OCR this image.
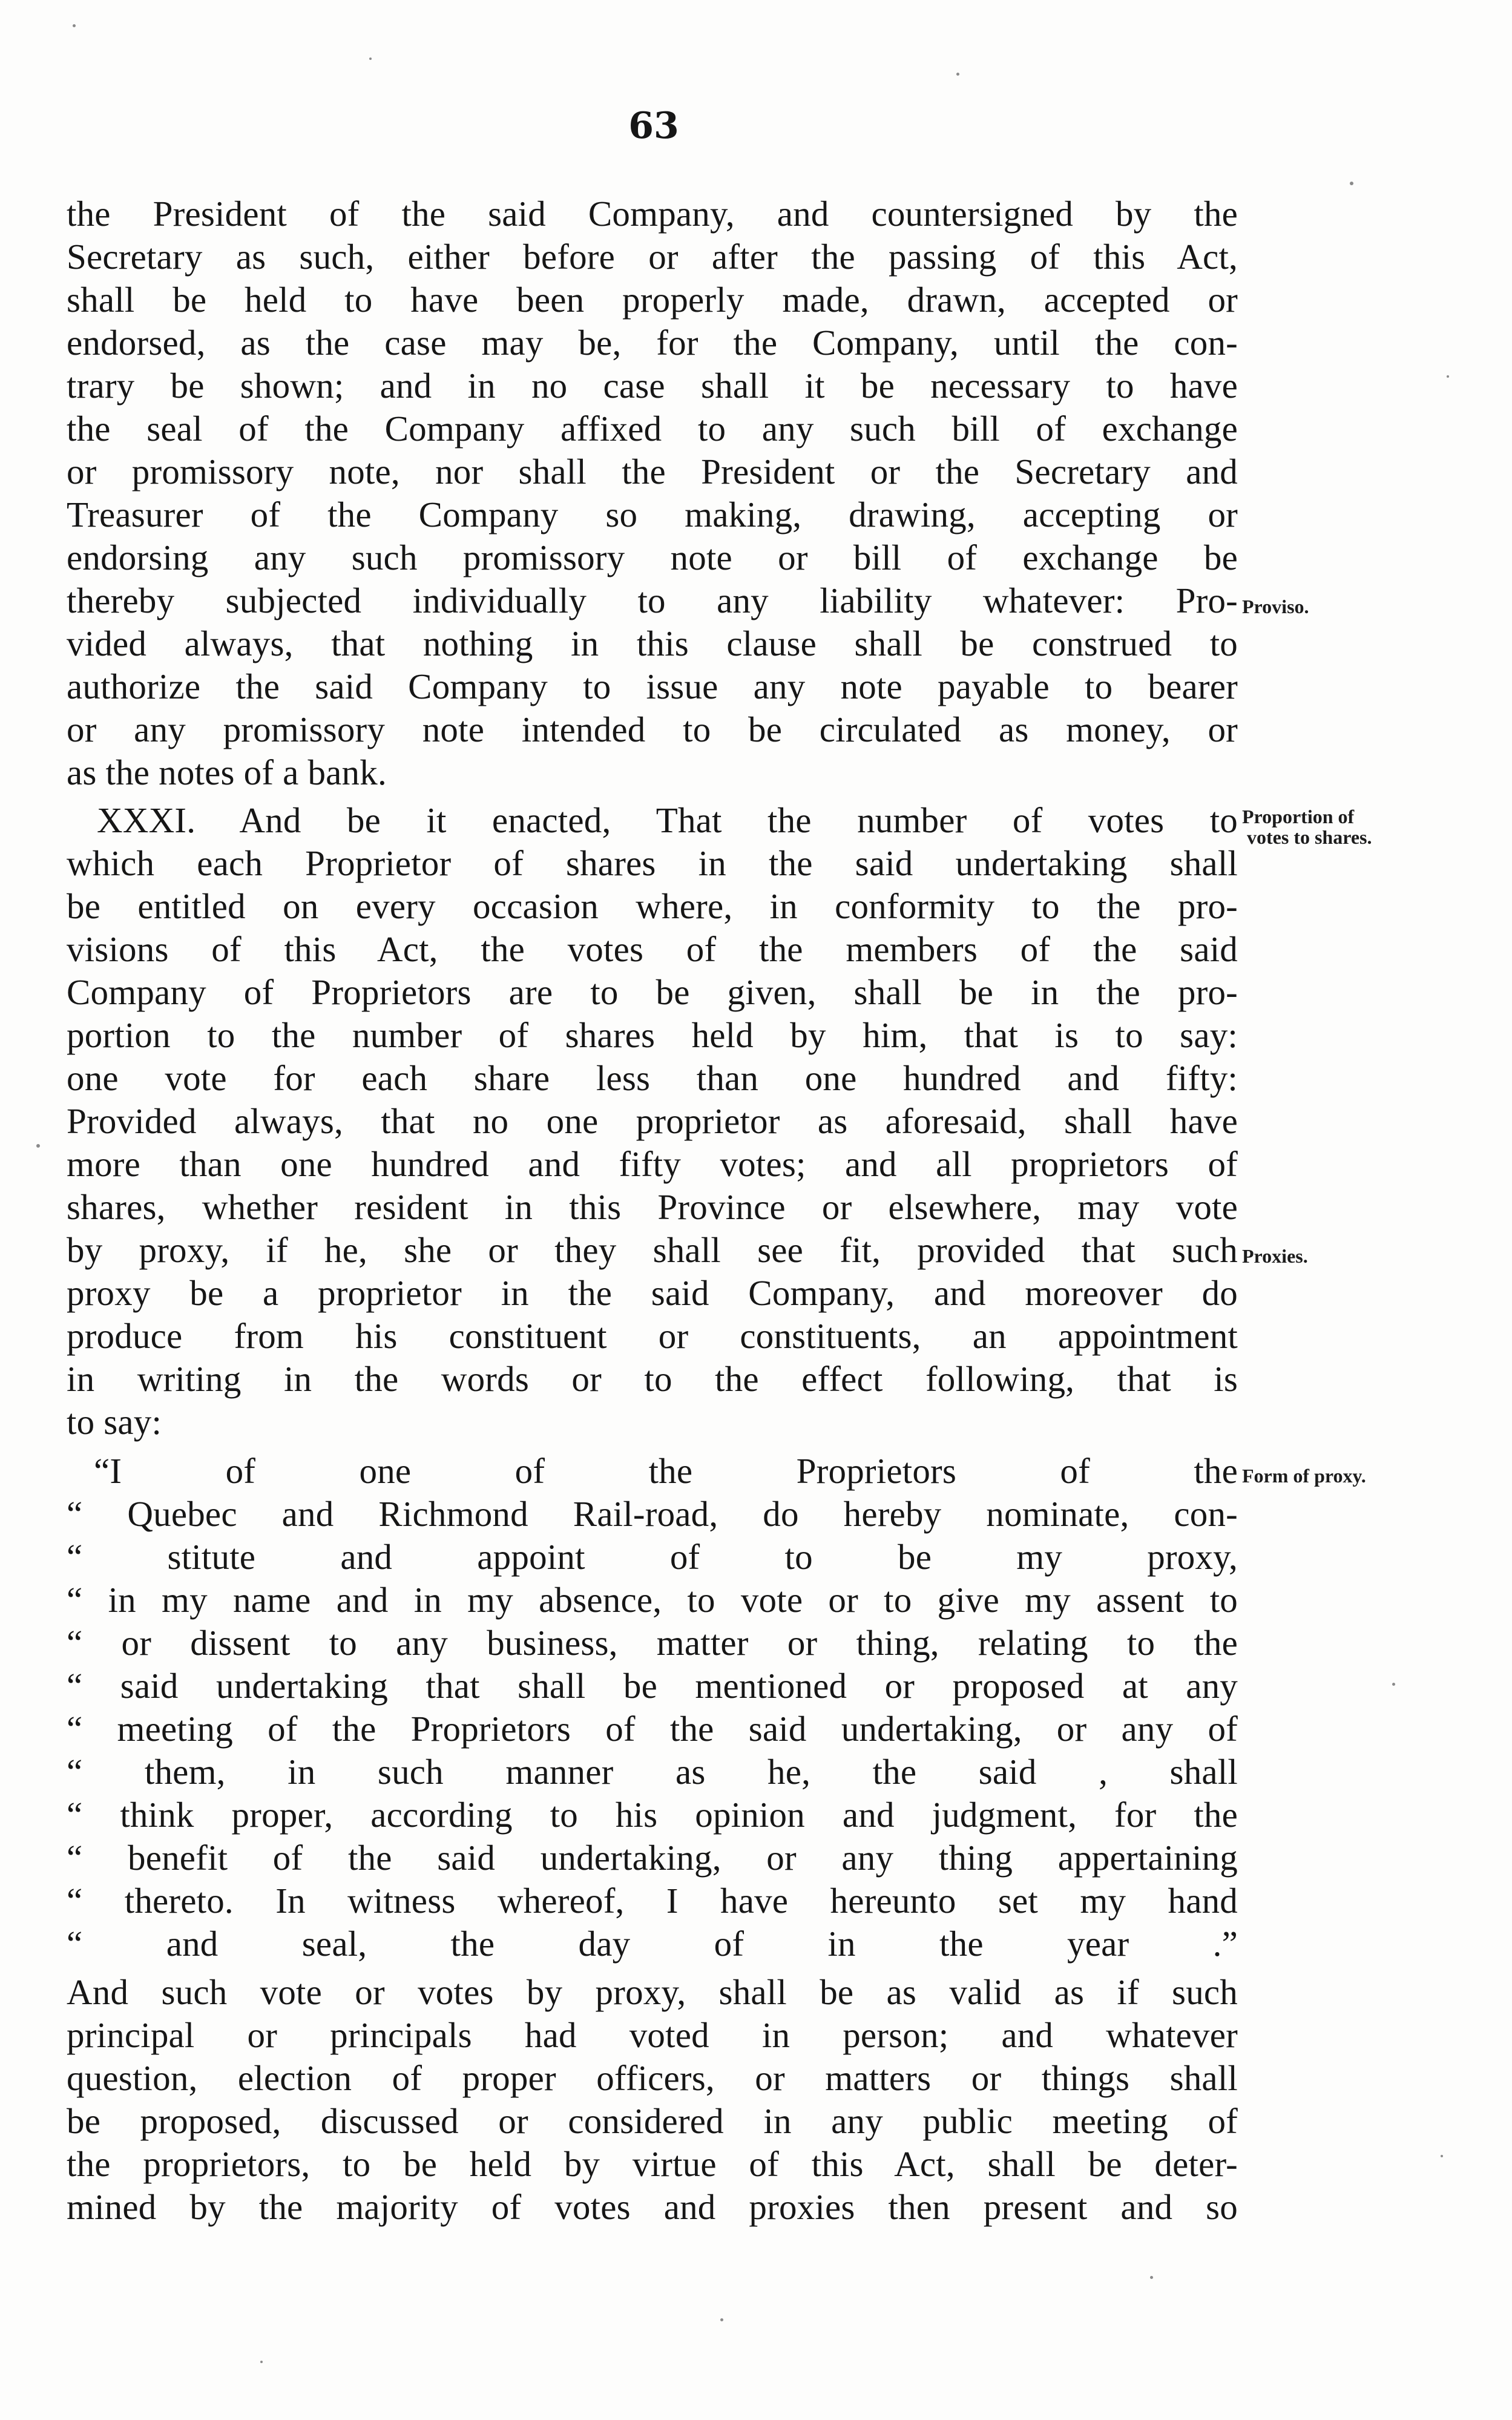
63
the President of the said Company, and countersigned by the
Secretary as such, either before or after the passing of this Act,
shall be held to have been properly made, drawn, accepted or
endorsed, as the case may be, for the Company, until the con-
trary be shown; and in no case shall it be necessary to have
the seal of the Company affixed to any such bill of exchange
or promissory note, nor shall the President or the Secretary and
Treasurer of the Company so making, drawing, accepting or
endorsing any such promissory note or bill of exchange be
thereby subjected individually to any liability whatever: Pro-
vided always, that nothing in this clause shall be construed to
authorize the said Company to issue any note payable to bearer
or any promissory note intended to be circulated as money, or
as the notes of a bank.
XXXI. And be it enacted, That the number of votes to
which each Proprietor of shares in the said undertaking shall
be entitled on every occasion where, in conformity to the pro-
visions of this Act, the votes of the members of the said
Company of Proprietors are to be given, shall be in the pro-
portion to the number of shares held by him, that is to say:
one vote for each share less than one hundred and fifty:
Provided always, that no one proprietor as aforesaid, shall have
more than one hundred and fifty votes; and all proprietors of
shares, whether resident in this Province or elsewhere, may vote
by proxy, if he, she or they shall see fit, provided that such
proxy be a proprietor in the said Company, and moreover do
produce from his constituent or constituents, an appointment
in writing in the words or to the effect following, that is
to say:
“I of one of the Proprietors of the
“ Quebec and Richmond Rail-road, do hereby nominate, con-
“ stitute and appoint of to be my proxy,
“ in my name and in my absence, to vote or to give my assent to
“ or dissent to any business, matter or thing, relating to the
“ said undertaking that shall be mentioned or proposed at any
“ meeting of the Proprietors of the said undertaking, or any of
“ them, in such manner as he, the said , shall
“ think proper, according to his opinion and judgment, for the
“ benefit of the said undertaking, or any thing appertaining
“ thereto. In witness whereof, I have hereunto set my hand
“ and seal, the day of in the year .”
And such vote or votes by proxy, shall be as valid as if such
principal or principals had voted in person; and whatever
question, election of proper officers, or matters or things shall
be proposed, discussed or considered in any public meeting of
the proprietors, to be held by virtue of this Act, shall be deter-
mined by the majority of votes and proxies then present and so
Proviso.
Proportion of
votes to shares.
Proxies.
Form of proxy.
